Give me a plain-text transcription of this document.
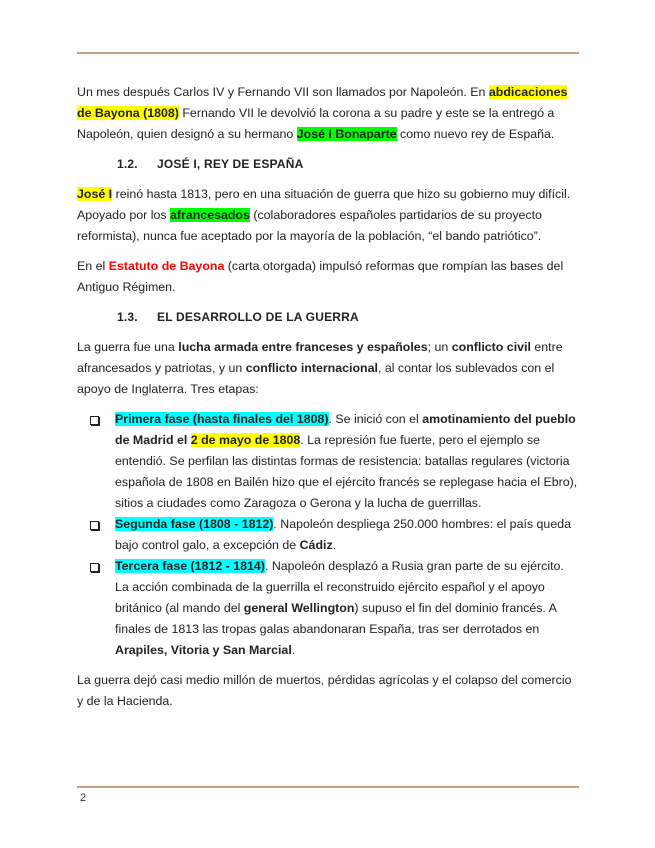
Un mes después Carlos IV y Fernando VII son llamados por Napoleón. En abdicaciones de Bayona (1808) Fernando VII le devolvió la corona a su padre y este se la entregó a Napoleón, quien designó a su hermano José I Bonaparte como nuevo rey de España.

1.2. JOSÉ I, REY DE ESPAÑA

José I reinó hasta 1813, pero en una situación de guerra que hizo su gobierno muy difícil. Apoyado por los afrancesados (colaboradores españoles partidarios de su proyecto reformista), nunca fue aceptado por la mayoría de la población, “el bando patriótico”.

En el Estatuto de Bayona (carta otorgada) impulsó reformas que rompían las bases del Antiguo Régimen.

1.3. EL DESARROLLO DE LA GUERRA

La guerra fue una lucha armada entre franceses y españoles; un conflicto civil entre afrancesados y patriotas, y un conflicto internacional, al contar los sublevados con el apoyo de Inglaterra. Tres etapas:

Primera fase (hasta finales del 1808). Se inició con el amotinamiento del pueblo de Madrid el 2 de mayo de 1808. La represión fue fuerte, pero el ejemplo se entendió. Se perfilan las distintas formas de resistencia: batallas regulares (victoria española de 1808 en Bailén hizo que el ejército francés se replegase hacia el Ebro), sitios a ciudades como Zaragoza o Gerona y la lucha de guerrillas.
Segunda fase (1808 - 1812). Napoleón despliega 250.000 hombres: el país queda bajo control galo, a excepción de Cádiz.
Tercera fase (1812 - 1814). Napoleón desplazó a Rusia gran parte de su ejército. La acción combinada de la guerrilla el reconstruido ejército español y el apoyo británico (al mando del general Wellington) supuso el fin del dominio francés. A finales de 1813 las tropas galas abandonaran España, tras ser derrotados en Arapiles, Vitoria y San Marcial.

La guerra dejó casi medio millón de muertos, pérdidas agrícolas y el colapso del comercio y de la Hacienda.

2
